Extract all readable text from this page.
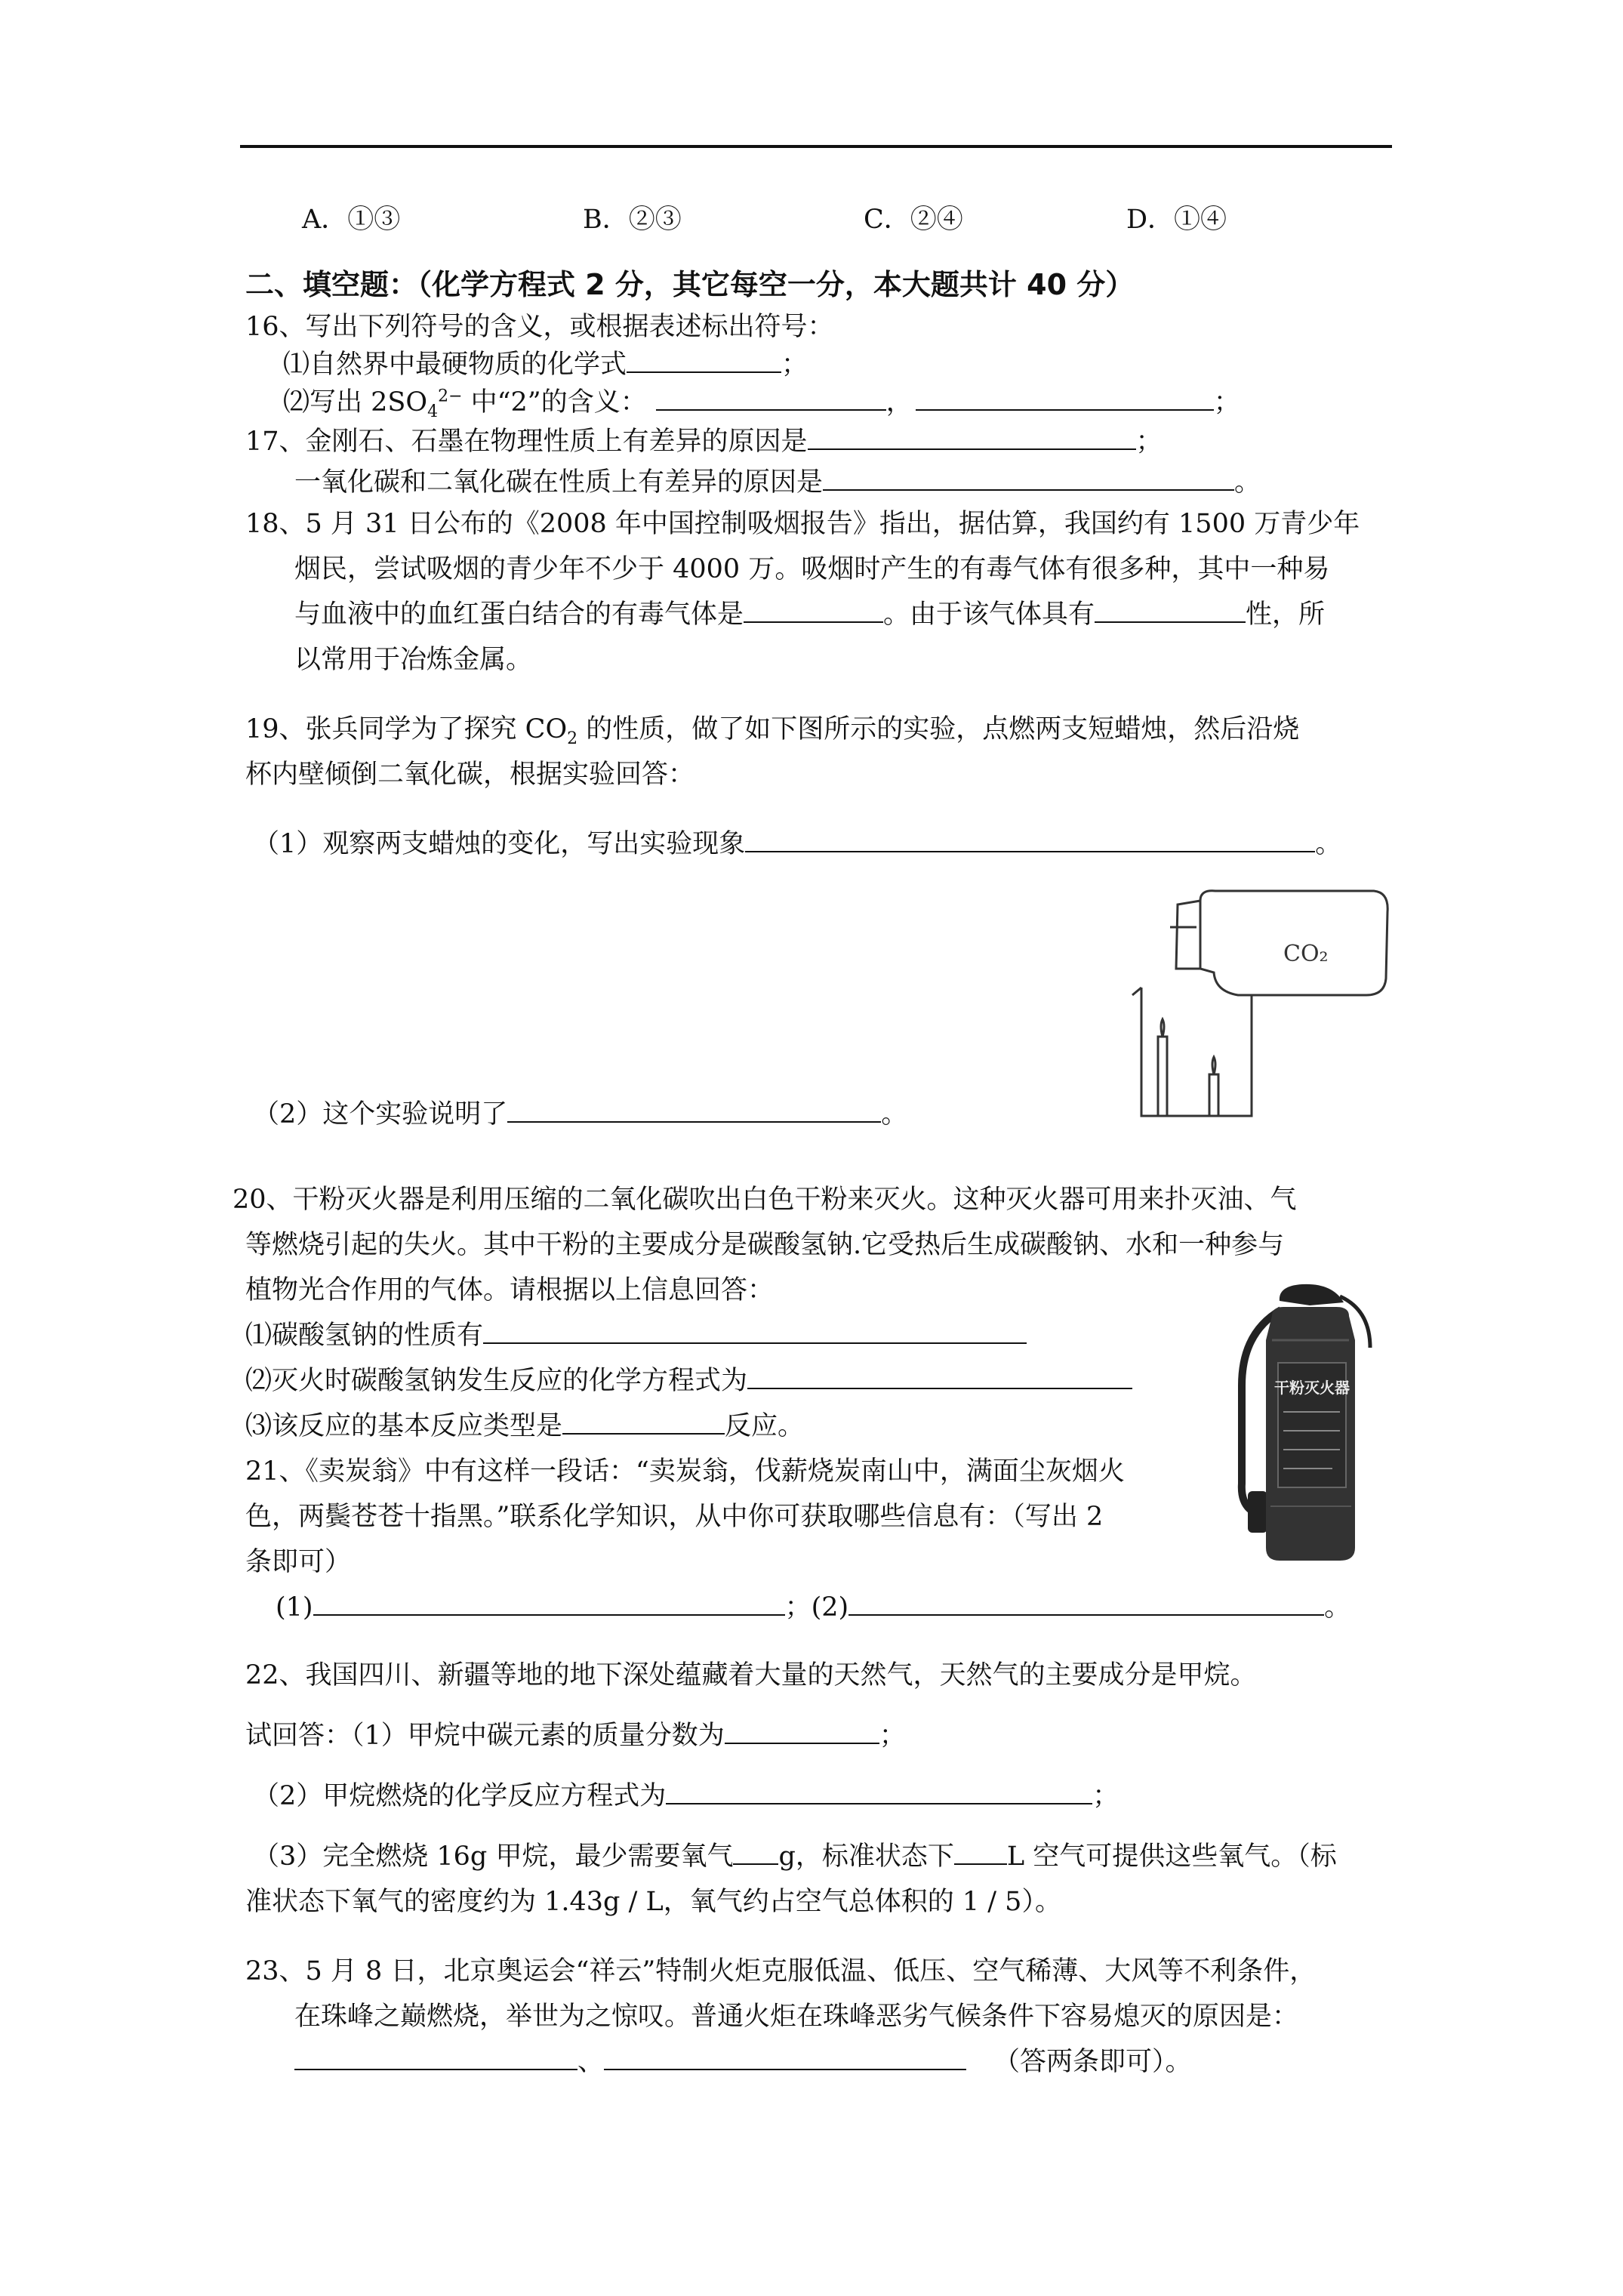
A．①③	B．②③	C．②④	D．①④
二、填空题：（化学方程式 2 分，其它每空一分，本大题共计 40 分）
16、写出下列符号的含义，或根据表述标出符号：
⑴自然界中最硬物质的化学式	；
⑵写出 $2SO_4^{2-}$ 中“2”的含义：	，	；
17、金刚石、石墨在物理性质上有差异的原因是	；
一氧化碳和二氧化碳在性质上有差异的原因是	。
18、5 月 31 日公布的《2008 年中国控制吸烟报告》指出，据估算，我国约有 1500 万青少年
烟民，尝试吸烟的青少年不少于 4000 万。吸烟时产生的有毒气体有很多种，其中一种易
与血液中的血红蛋白结合的有毒气体是	。由于该气体具有	性，所
以常用于冶炼金属。
19、张兵同学为了探究 $CO_2$ 的性质，做了如下图所示的实验，点燃两支短蜡烛，然后沿烧
杯内壁倾倒二氧化碳，根据实验回答：
（1）观察两支蜡烛的变化，写出实验现象	。
CO₂
（2）这个实验说明了	。
20、干粉灭火器是利用压缩的二氧化碳吹出白色干粉来灭火。这种灭火器可用来扑灭油、气
等燃烧引起的失火。其中干粉的主要成分是碳酸氢钠.它受热后生成碳酸钠、水和一种参与
植物光合作用的气体。请根据以上信息回答：
⑴碳酸氢钠的性质有
⑵灭火时碳酸氢钠发生反应的化学方程式为
⑶该反应的基本反应类型是	反应。
干粉灭火器
21、《卖炭翁》中有这样一段话：“卖炭翁，伐薪烧炭南山中，满面尘灰烟火
色，两鬓苍苍十指黑。”联系化学知识，从中你可获取哪些信息有：（写出 2
条即可）
(1)	；(2)	。
22、我国四川、新疆等地的地下深处蕴藏着大量的天然气，天然气的主要成分是甲烷。
试回答：（1）甲烷中碳元素的质量分数为	；
（2）甲烷燃烧的化学反应方程式为	；
（3）完全燃烧 16g 甲烷，最少需要氧气 g，标准状态下 L 空气可提供这些氧气。（标
准状态下氧气的密度约为 1.43g / L，氧气约占空气总体积的 1 / 5）。
23、5 月 8 日，北京奥运会“祥云”特制火炬克服低温、低压、空气稀薄、大风等不利条件，
在珠峰之巅燃烧，举世为之惊叹。普通火炬在珠峰恶劣气候条件下容易熄灭的原因是：
、	（答两条即可）。
